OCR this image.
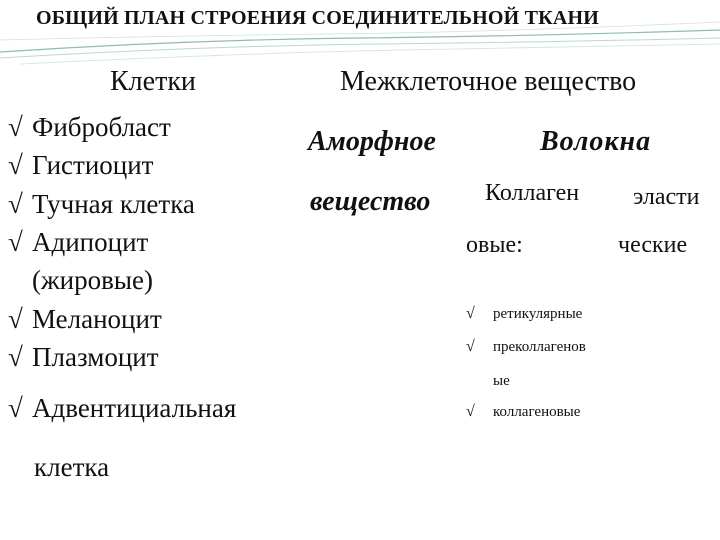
ОБЩИЙ ПЛАН СТРОЕНИЯ СОЕДИНИТЕЛЬНОЙ ТКАНИ
Клетки	Межклеточное вещество
√ Фибробласт
√ Гистиоцит
√ Тучная клетка
√ Адипоцит
(жировые)
√ Меланоцит
√ Плазмоцит
√ Адвентициальная
клетка
Аморфное
вещество
Волокна
Коллаген
овые:
эласти
ческие
√ ретикулярные
√ преколлагенов
ые
√ коллагеновые
